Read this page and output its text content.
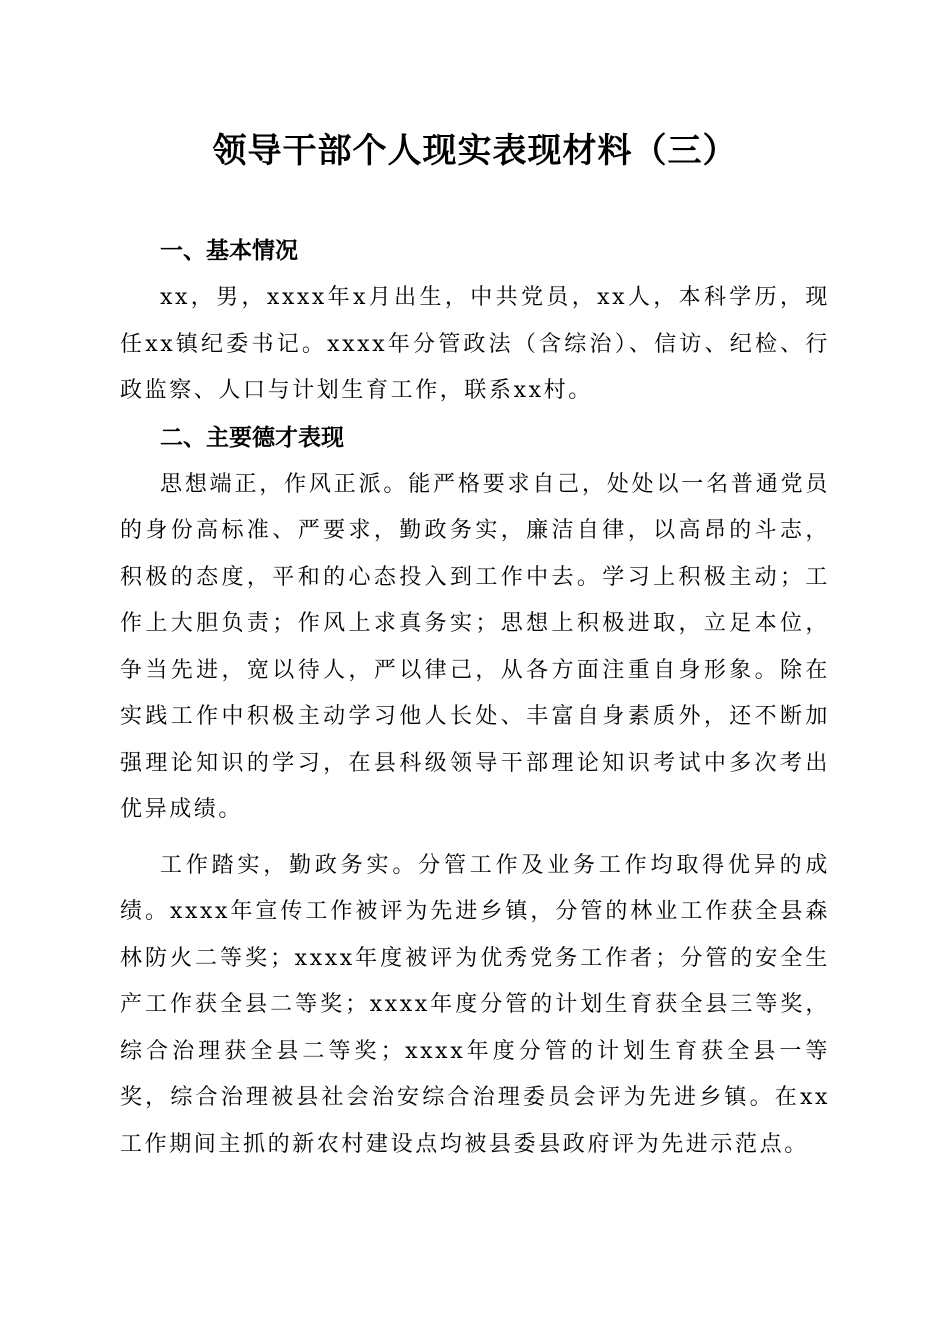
领导干部个人现实表现材料（三）
一、基本情况

xx，男，xxxx年x月出生，中共党员，xx人，本科学历，现任xx镇纪委书记。xxxx年分管政法（含综治）、信访、纪检、行政监察、人口与计划生育工作，联系xx村。

二、主要德才表现

思想端正，作风正派。能严格要求自己，处处以一名普通党员的身份高标准、严要求，勤政务实，廉洁自律，以高昂的斗志，积极的态度，平和的心态投入到工作中去。学习上积极主动；工作上大胆负责；作风上求真务实；思想上积极进取，立足本位，争当先进，宽以待人，严以律己，从各方面注重自身形象。除在实践工作中积极主动学习他人长处、丰富自身素质外，还不断加强理论知识的学习，在县科级领导干部理论知识考试中多次考出优异成绩。

工作踏实，勤政务实。分管工作及业务工作均取得优异的成绩。xxxx年宣传工作被评为先进乡镇，分管的林业工作获全县森林防火二等奖；xxxx年度被评为优秀党务工作者；分管的安全生产工作获全县二等奖；xxxx年度分管的计划生育获全县三等奖，综合治理获全县二等奖；xxxx年度分管的计划生育获全县一等奖，综合治理被县社会治安综合治理委员会评为先进乡镇。在xx工作期间主抓的新农村建设点均被县委县政府评为先进示范点。
